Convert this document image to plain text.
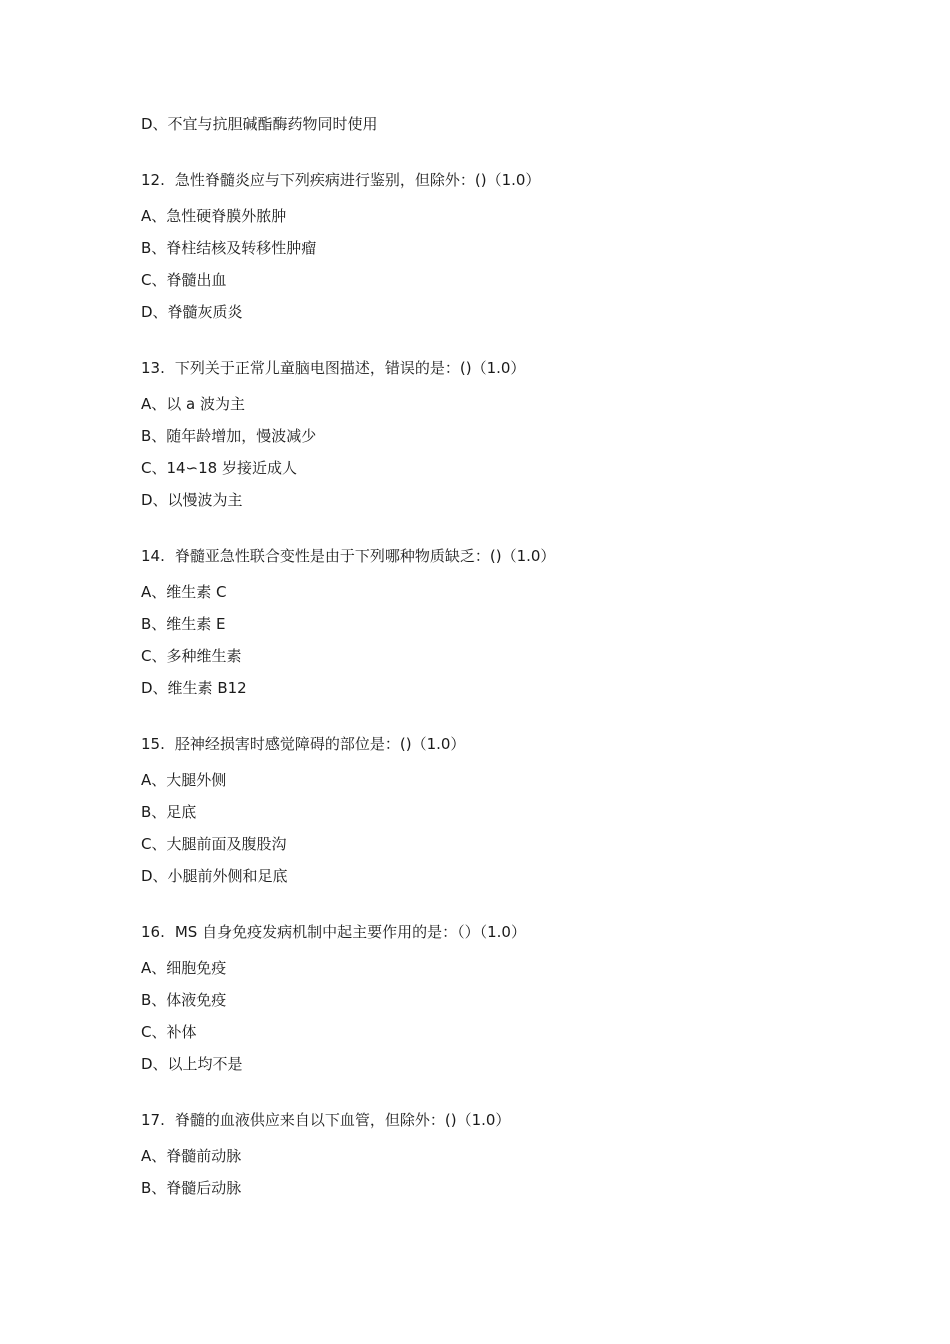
D、不宜与抗胆碱酯酶药物同时使用
12. 急性脊髓炎应与下列疾病进行鉴别，但除外：()（1.0）
A、急性硬脊膜外脓肿
B、脊柱结核及转移性肿瘤
C、脊髓出血
D、脊髓灰质炎
13. 下列关于正常儿童脑电图描述，错误的是：()（1.0）
A、以 a 波为主
B、随年龄增加，慢波减少
C、14∽18 岁接近成人
D、以慢波为主
14. 脊髓亚急性联合变性是由于下列哪种物质缺乏：()（1.0）
A、维生素 C
B、维生素 E
C、多种维生素
D、维生素 B12
15. 胫神经损害时感觉障碍的部位是：()（1.0）
A、大腿外侧
B、足底
C、大腿前面及腹股沟
D、小腿前外侧和足底
16. MS 自身免疫发病机制中起主要作用的是：（）（1.0）
A、细胞免疫
B、体液免疫
C、补体
D、以上均不是
17. 脊髓的血液供应来自以下血管，但除外：()（1.0）
A、脊髓前动脉
B、脊髓后动脉
